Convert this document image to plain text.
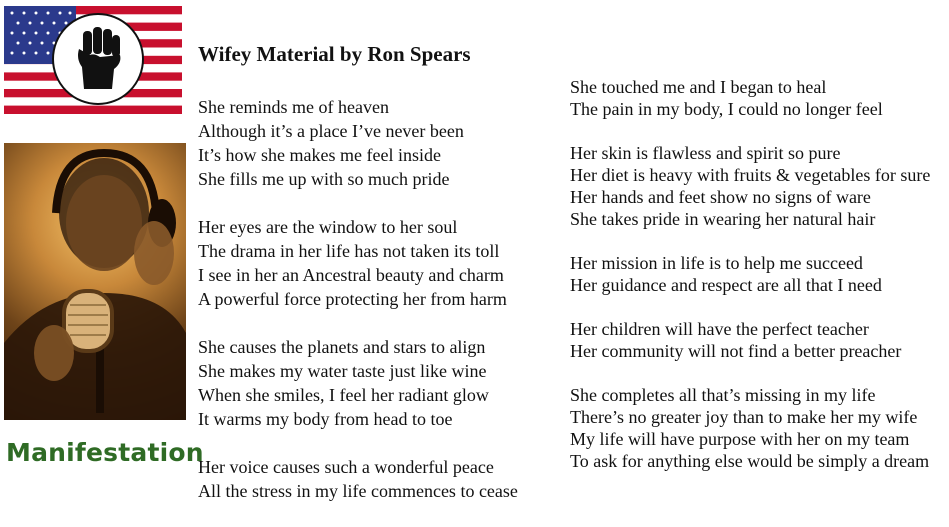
Manifestation
Wifey Material by Ron Spears

She reminds me of heaven
Although it’s a place I’ve never been
It’s how she makes me feel inside
She fills me up with so much pride

Her eyes are the window to her soul
The drama in her life has not taken its toll
I see in her an Ancestral beauty and charm
A powerful force protecting her from harm

She causes the planets and stars to align
She makes my water taste just like wine
When she smiles, I feel her radiant glow
It warms my body from head to toe

Her voice causes such a wonderful peace
All the stress in my life commences to cease

She touched me and I began to heal
The pain in my body, I could no longer feel

Her skin is flawless and spirit so pure
Her diet is heavy with fruits & vegetables for sure
Her hands and feet show no signs of ware
She takes pride in wearing her natural hair

Her mission in life is to help me succeed
Her guidance and respect are all that I need

Her children will have the perfect teacher
Her community will not find a better preacher

She completes all that’s missing in my life
There’s no greater joy than to make her my wife
My life will have purpose with her on my team
To ask for anything else would be simply a dream
